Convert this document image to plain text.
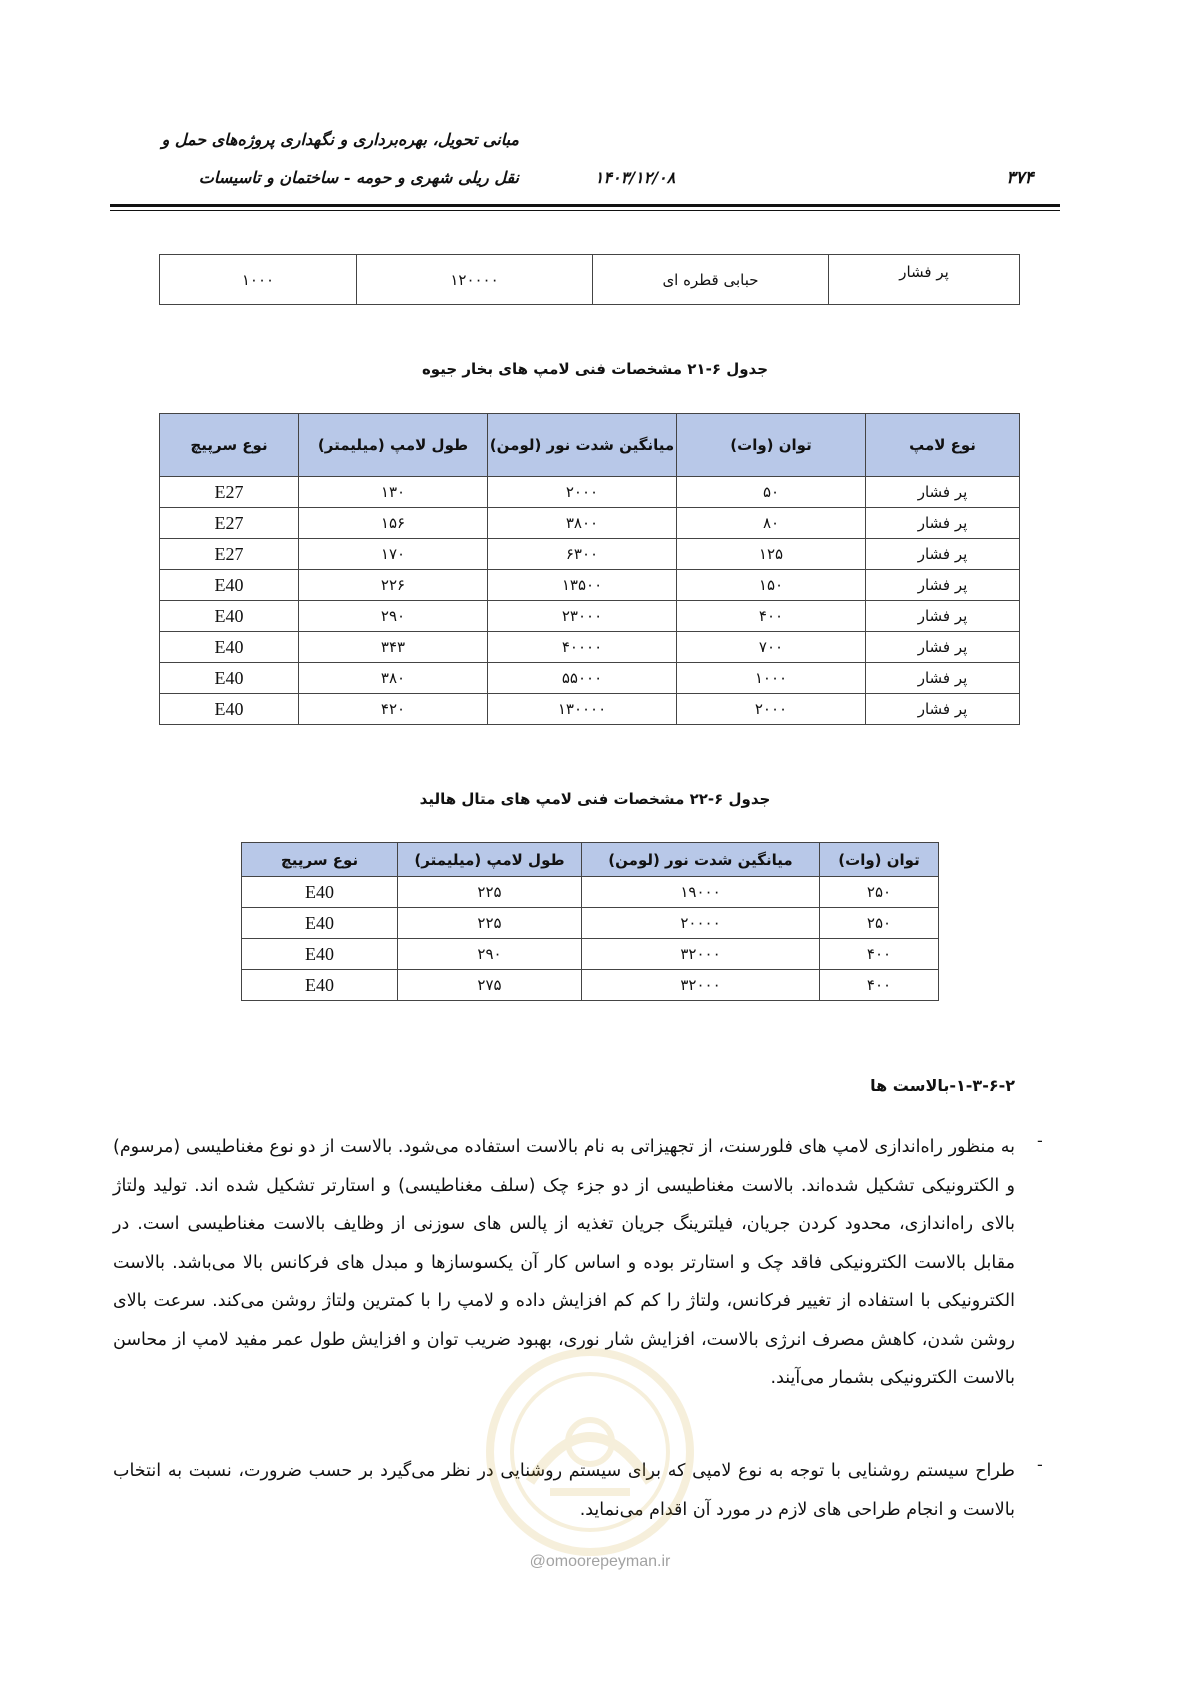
مبانی تحویل، بهره‌برداری و نگهداری پروژه‌های حمل و
نقل ریلی شهری و حومه - ساختمان و تاسیسات	۱۴۰۳/۱۲/۰۸	۳۷۴
پر فشار	حبابی قطره ای	۱۲۰۰۰۰	۱۰۰۰
جدول ۶-۲۱ مشخصات فنی لامپ های بخار جیوه
نوع لامپ	توان (وات)	میانگین شدت نور (لومن)	طول لامپ (میلیمتر)	نوع سرپیچ
پر فشار	۵۰	۲۰۰۰	۱۳۰	E27
پر فشار	۸۰	۳۸۰۰	۱۵۶	E27
پر فشار	۱۲۵	۶۳۰۰	۱۷۰	E27
پر فشار	۱۵۰	۱۳۵۰۰	۲۲۶	E40
پر فشار	۴۰۰	۲۳۰۰۰	۲۹۰	E40
پر فشار	۷۰۰	۴۰۰۰۰	۳۴۳	E40
پر فشار	۱۰۰۰	۵۵۰۰۰	۳۸۰	E40
پر فشار	۲۰۰۰	۱۳۰۰۰۰	۴۲۰	E40
جدول ۶-۲۲ مشخصات فنی لامپ های متال هالید
توان (وات)	میانگین شدت نور (لومن)	طول لامپ (میلیمتر)	نوع سرپیچ
۲۵۰	۱۹۰۰۰	۲۲۵	E40
۲۵۰	۲۰۰۰۰	۲۲۵	E40
۴۰۰	۳۲۰۰۰	۲۹۰	E40
۴۰۰	۳۲۰۰۰	۲۷۵	E40
۱-۳-۶-۲-بالاست ها
-
به منظور راه‌اندازی لامپ های فلورسنت، از تجهیزاتی به نام بالاست استفاده می‌شود. بالاست از دو نوع مغناطیسی (مرسوم) و الکترونیکی تشکیل شده‌اند. بالاست مغناطیسی از دو جزء چک (سلف مغناطیسی) و استارتر تشکیل شده اند. تولید ولتاژ بالای راه‌اندازی، محدود کردن جریان، فیلترینگ جریان تغذیه از پالس های سوزنی از وظایف بالاست مغناطیسی است. در مقابل بالاست الکترونیکی فاقد چک و استارتر بوده و اساس کار آن یکسوسازها و مبدل های فرکانس بالا می‌باشد. بالاست الکترونیکی با استفاده از تغییر فرکانس، ولتاژ را کم کم افزایش داده و لامپ را با کمترین ولتاژ روشن می‌کند. سرعت بالای روشن شدن، کاهش مصرف انرژی بالاست، افزایش شار نوری، بهبود ضریب توان و افزایش طول عمر مفید لامپ از محاسن بالاست الکترونیکی بشمار می‌آیند.
-
طراح سیستم روشنایی با توجه به نوع لامپی که برای سیستم روشنایی در نظر می‌گیرد بر حسب ضرورت، نسبت به انتخاب بالاست و انجام طراحی های لازم در مورد آن اقدام می‌نماید.
@omoorepeyman.ir
